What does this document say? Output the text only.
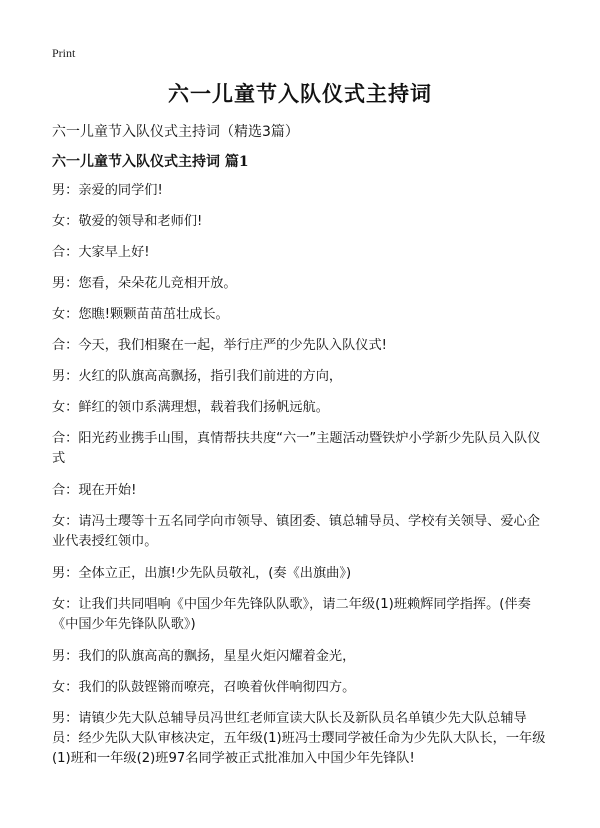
Print
六一儿童节入队仪式主持词
六一儿童节入队仪式主持词（精选3篇）
六一儿童节入队仪式主持词 篇1

男：亲爱的同学们!

女：敬爱的领导和老师们!

合：大家早上好!

男：您看，朵朵花儿竞相开放。

女：您瞧!颗颗苗苗茁壮成长。

合：今天，我们相聚在一起，举行庄严的少先队入队仪式!

男：火红的队旗高高飘扬，指引我们前进的方向，

女：鲜红的领巾系满理想，载着我们扬帆远航。

合：阳光药业携手山围，真情帮扶共度“六一”主题活动暨铁炉小学新少先队员入队仪式

合：现在开始!

女：请冯士璎等十五名同学向市领导、镇团委、镇总辅导员、学校有关领导、爱心企业代表授红领巾。

男：全体立正，出旗!少先队员敬礼，(奏《出旗曲》)

女：让我们共同唱响《中国少年先锋队队歌》，请二年级(1)班赖辉同学指挥。(伴奏《中国少年先锋队队歌》)

男：我们的队旗高高的飘扬，星星火炬闪耀着金光，

女：我们的队鼓铿锵而嘹亮，召唤着伙伴响彻四方。

男：请镇少先大队总辅导员冯世红老师宣读大队长及新队员名单镇少先大队总辅导员：经少先队大队审核决定，五年级(1)班冯士璎同学被任命为少先队大队长，一年级(1)班和一年级(2)班97名同学被正式批准加入中国少年先锋队!
